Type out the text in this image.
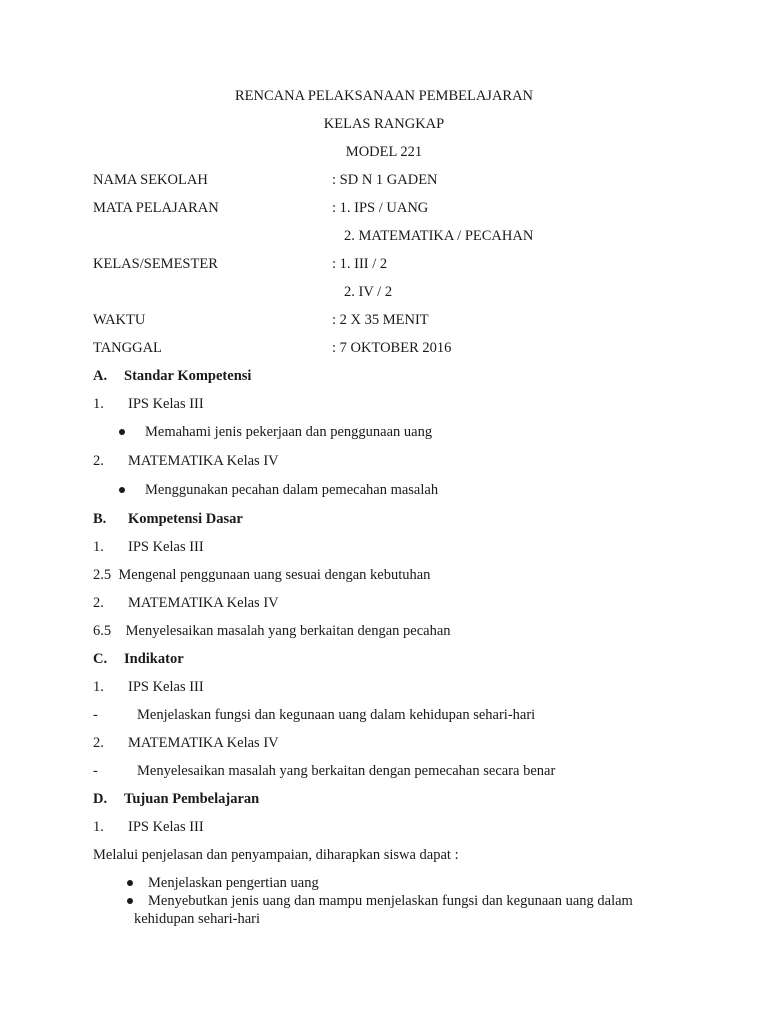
RENCANA PELAKSANAAN PEMBELAJARAN
KELAS RANGKAP
MODEL 221
NAMA SEKOLAH	: SD N 1 GADEN
MATA PELAJARAN	: 1. IPS / UANG
2. MATEMATIKA / PECAHAN
KELAS/SEMESTER	: 1. III / 2
2. IV / 2
WAKTU	: 2 X 35 MENIT
TANGGAL	: 7 OKTOBER 2016
A. Standar Kompetensi
1. IPS Kelas III
Memahami jenis pekerjaan dan penggunaan uang
2. MATEMATIKA Kelas IV
Menggunakan pecahan dalam pemecahan masalah
B. Kompetensi Dasar
1. IPS Kelas III
2.5  Mengenal penggunaan uang sesuai dengan kebutuhan
2. MATEMATIKA Kelas IV
6.5    Menyelesaikan masalah yang berkaitan dengan pecahan
C. Indikator
1. IPS Kelas III
-	Menjelaskan fungsi dan kegunaan uang dalam kehidupan sehari-hari
2. MATEMATIKA Kelas IV
-	Menyelesaikan masalah yang berkaitan dengan pemecahan secara benar
D. Tujuan Pembelajaran
1. IPS Kelas III
Melalui penjelasan dan penyampaian, diharapkan siswa dapat :
Menjelaskan pengertian uang
Menyebutkan jenis uang dan mampu menjelaskan fungsi dan kegunaan uang dalam
kehidupan sehari-hari
